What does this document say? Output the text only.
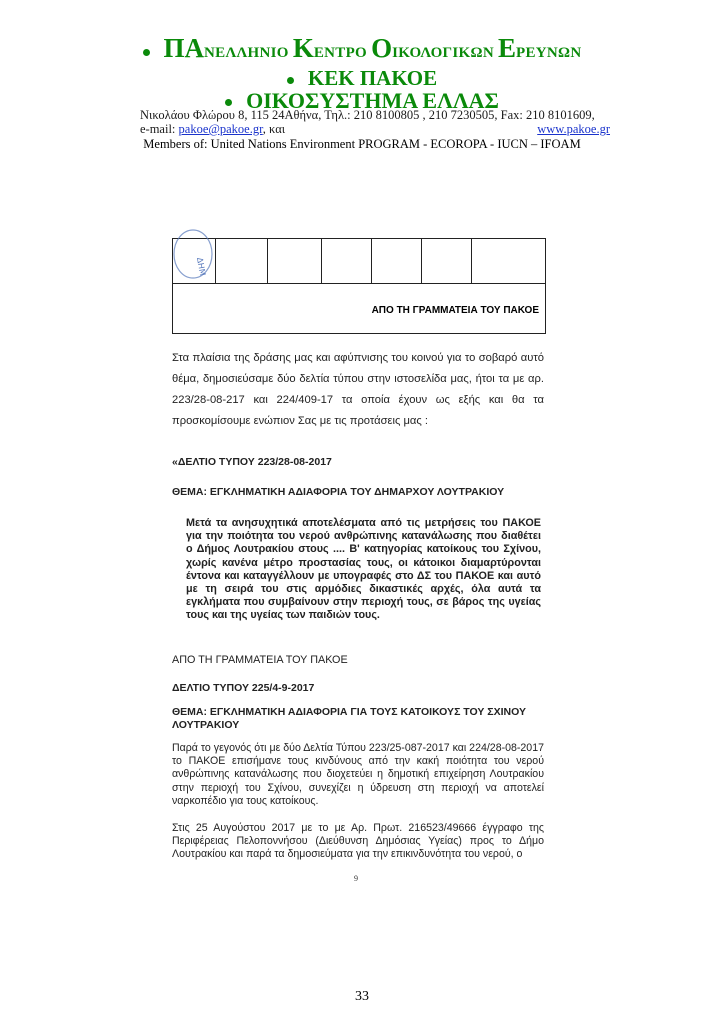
ΠΑΝΕΛΛΗΝΙΟ ΚΕΝΤΡΟ ΟΙΚΟΛΟΓΙΚΩΝ ΕΡΕΥΝΩΝ
ΚΕΚ ΠΑΚΟΕ
ΟΙΚΟΣΥΣΤΗΜΑ ΕΛΛΑΣ
Νικολάου Φλώρου 8, 115 24Αθήνα, Τηλ.: 210 8100805 , 210 7230505, Fax: 210 8101609,
e-mail: pakoe@pakoe.gr, και	www.pakoe.gr
Members of: United Nations Environment PROGRAM - ECOROPA - IUCN – IFOAM
ΑΠΟ ΤΗ ΓΡΑΜΜΑΤΕΙΑ ΤΟΥ ΠΑΚΟΕ
ΔΗΜ
Στα πλαίσια της δράσης μας και αφύπνισης του κοινού για το σοβαρό αυτό θέμα, δημοσιεύσαμε δύο δελτία τύπου στην ιστοσελίδα μας, ήτοι τα με αρ. 223/28-08-217 και 224/409-17 τα οποία έχουν ως εξής και θα τα προσκομίσουμε ενώπιον Σας με τις προτάσεις μας :
«ΔΕΛΤΙΟ ΤΥΠΟΥ 223/28-08-2017
ΘΕΜΑ: ΕΓΚΛΗΜΑΤΙΚΗ ΑΔΙΑΦΟΡΙΑ ΤΟΥ ΔΗΜΑΡΧΟΥ ΛΟΥΤΡΑΚΙΟΥ
Μετά τα ανησυχητικά αποτελέσματα από τις μετρήσεις του ΠΑΚΟΕ για την ποιότητα του νερού ανθρώπινης κατανάλωσης που διαθέτει ο Δήμος Λουτρακίου στους .... Β' κατηγορίας κατοίκους του Σχίνου, χωρίς κανένα μέτρο προστασίας τους, οι κάτοικοι διαμαρτύρονται έντονα και καταγγέλλουν με υπογραφές στο ΔΣ του ΠΑΚΟΕ και αυτό με τη σειρά του στις αρμόδιες δικαστικές αρχές, όλα αυτά τα εγκλήματα που συμβαίνουν στην περιοχή τους, σε βάρος της υγείας τους και της υγείας των παιδιών τους.
ΑΠΟ ΤΗ ΓΡΑΜΜΑΤΕΙΑ ΤΟΥ ΠΑΚΟΕ
ΔΕΛΤΙΟ ΤΥΠΟΥ 225/4-9-2017
ΘΕΜΑ: ΕΓΚΛΗΜΑΤΙΚΗ ΑΔΙΑΦΟΡΙΑ ΓΙΑ ΤΟΥΣ ΚΑΤΟΙΚΟΥΣ ΤΟΥ ΣΧΙΝΟΥ ΛΟΥΤΡΑΚΙΟΥ
Παρά το γεγονός ότι με δύο Δελτία Τύπου 223/25-087-2017 και 224/28-08-2017 το ΠΑΚΟΕ επισήμανε τους κινδύνους από την κακή ποιότητα του νερού ανθρώπινης κατανάλωσης που διοχετεύει η δημοτική επιχείρηση Λουτρακίου στην περιοχή του Σχίνου, συνεχίζει η ύδρευση στη περιοχή να αποτελεί ναρκοπέδιο για τους κατοίκους.
Στις 25 Αυγούστου 2017 με το με Αρ. Πρωτ. 216523/49666 έγγραφο της Περιφέρειας Πελοποννήσου (Διεύθυνση Δημόσιας Υγείας) προς το Δήμο Λουτρακίου και παρά τα δημοσιεύματα για την επικινδυνότητα του νερού, ο
9
33
